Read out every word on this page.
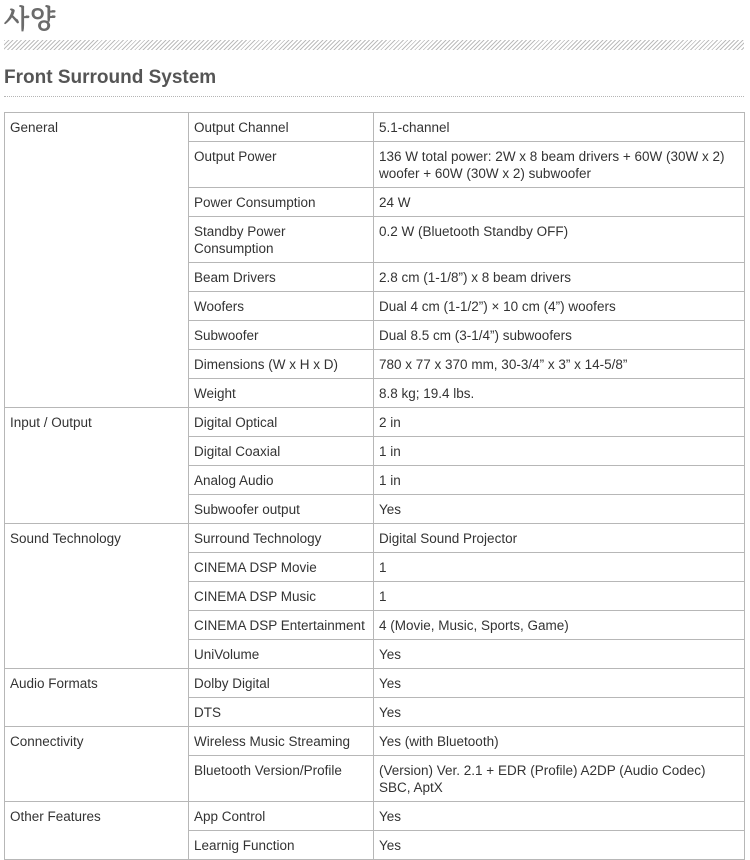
사양
Front Surround System
General	Output Channel	5.1-channel
	Output Power	136 W total power: 2W x 8 beam drivers + 60W (30W x 2) woofer + 60W (30W x 2) subwoofer
	Power Consumption	24 W
	Standby Power Consumption	0.2 W (Bluetooth Standby OFF)
	Beam Drivers	2.8 cm (1-1/8”) x 8 beam drivers
	Woofers	Dual 4 cm (1-1/2”) × 10 cm (4”) woofers
	Subwoofer	Dual 8.5 cm (3-1/4”) subwoofers
	Dimensions (W x H x D)	780 x 77 x 370 mm, 30-3/4” x 3” x 14-5/8”
	Weight	8.8 kg; 19.4 lbs.
Input / Output	Digital Optical	2 in
	Digital Coaxial	1 in
	Analog Audio	1 in
	Subwoofer output	Yes
Sound Technology	Surround Technology	Digital Sound Projector
	CINEMA DSP Movie	1
	CINEMA DSP Music	1
	CINEMA DSP Entertainment	4 (Movie, Music, Sports, Game)
	UniVolume	Yes
Audio Formats	Dolby Digital	Yes
	DTS	Yes
Connectivity	Wireless Music Streaming	Yes (with Bluetooth)
	Bluetooth Version/Profile	(Version) Ver. 2.1 + EDR (Profile) A2DP (Audio Codec) SBC, AptX
Other Features	App Control	Yes
	Learnig Function	Yes
